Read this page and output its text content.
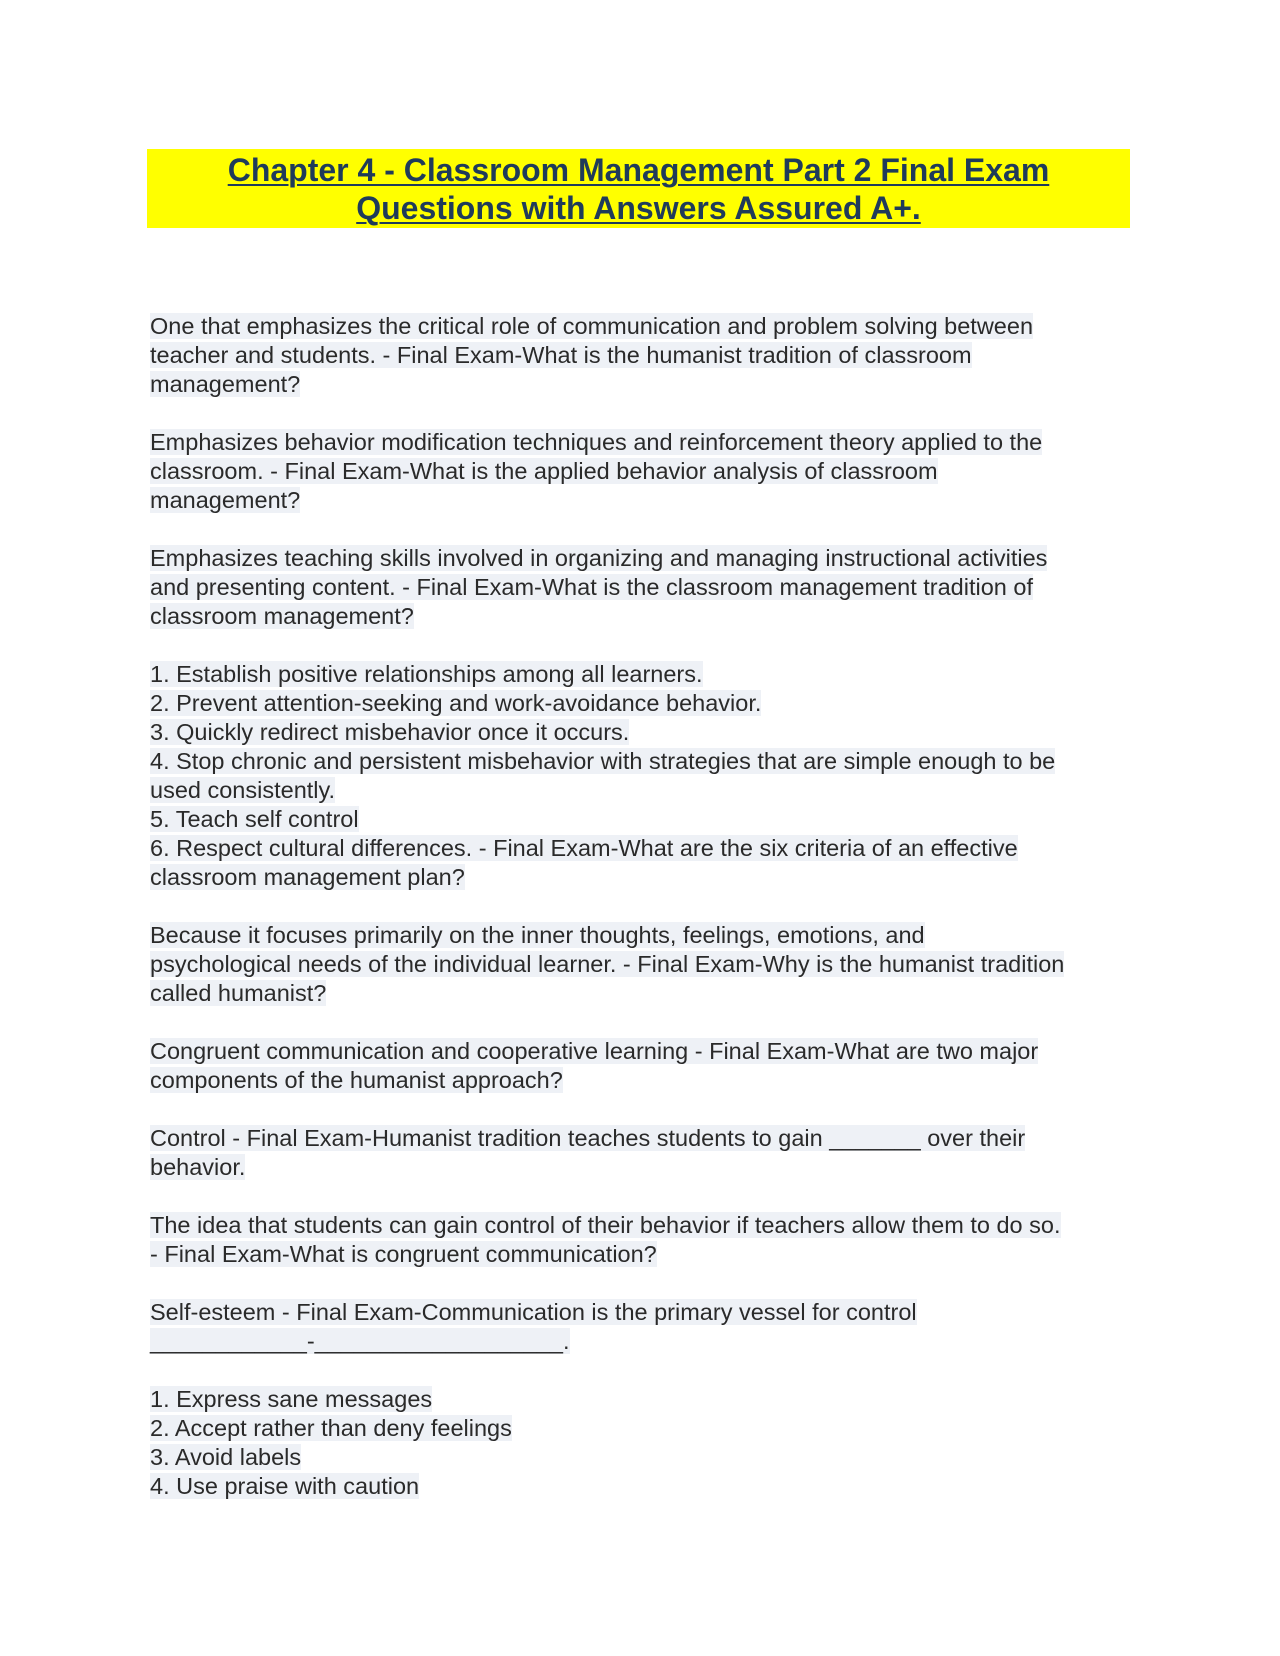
Chapter 4 - Classroom Management Part 2 Final Exam
Questions with Answers Assured A+.
One that emphasizes the critical role of communication and problem solving between
teacher and students. - Final Exam-What is the humanist tradition of classroom
management?
Emphasizes behavior modification techniques and reinforcement theory applied to the
classroom. - Final Exam-What is the applied behavior analysis of classroom
management?
Emphasizes teaching skills involved in organizing and managing instructional activities
and presenting content. - Final Exam-What is the classroom management tradition of
classroom management?
1. Establish positive relationships among all learners.
2. Prevent attention-seeking and work-avoidance behavior.
3. Quickly redirect misbehavior once it occurs.
4. Stop chronic and persistent misbehavior with strategies that are simple enough to be
used consistently.
5. Teach self control
6. Respect cultural differences. - Final Exam-What are the six criteria of an effective
classroom management plan?
Because it focuses primarily on the inner thoughts, feelings, emotions, and
psychological needs of the individual learner. - Final Exam-Why is the humanist tradition
called humanist?
Congruent communication and cooperative learning - Final Exam-What are two major
components of the humanist approach?
Control - Final Exam-Humanist tradition teaches students to gain _______ over their
behavior.
The idea that students can gain control of their behavior if teachers allow them to do so.
- Final Exam-What is congruent communication?
Self-esteem - Final Exam-Communication is the primary vessel for control
____________-___________________.
1. Express sane messages
2. Accept rather than deny feelings
3. Avoid labels
4. Use praise with caution
